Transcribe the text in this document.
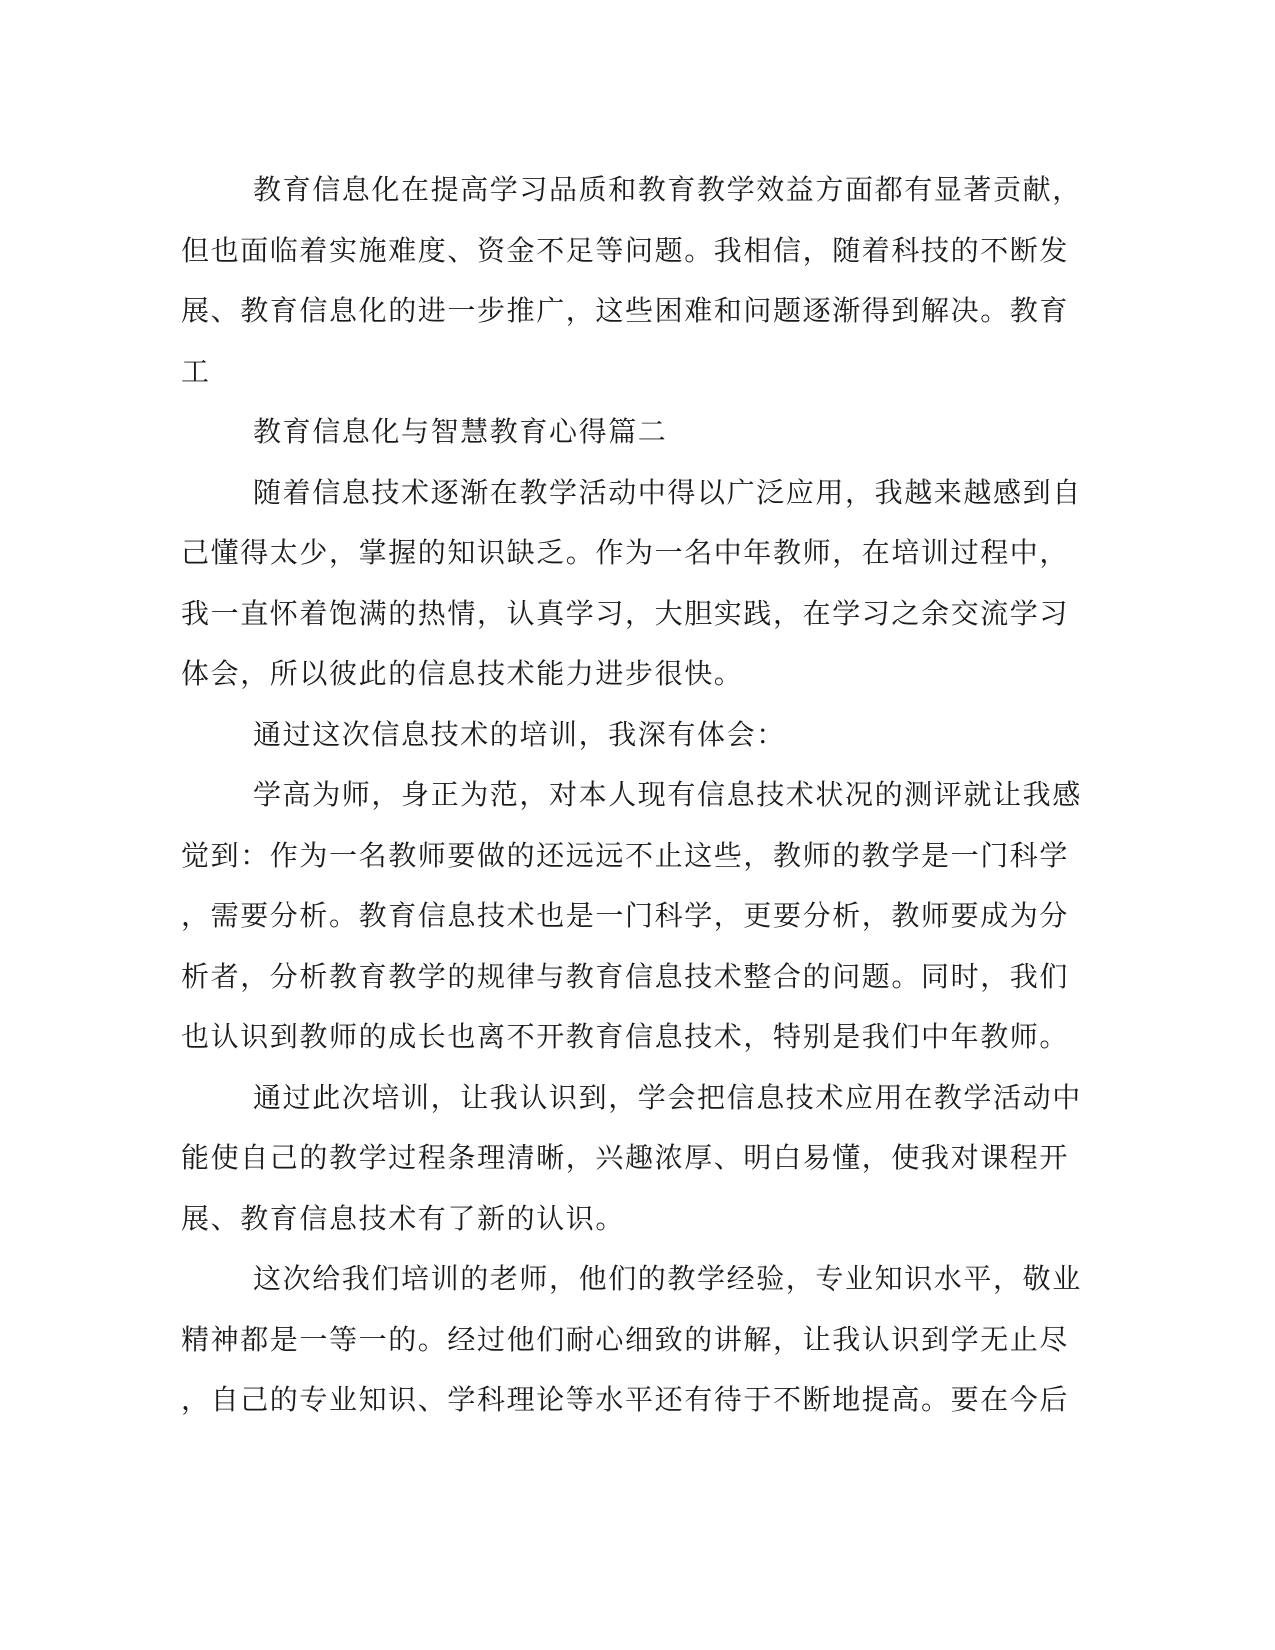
教育信息化在提高学习品质和教育教学效益方面都有显著贡献，
但也面临着实施难度、资金不足等问题。我相信，随着科技的不断发
展、教育信息化的进一步推广，这些困难和问题逐渐得到解决。教育
工
教育信息化与智慧教育心得篇二
随着信息技术逐渐在教学活动中得以广泛应用，我越来越感到自
己懂得太少，掌握的知识缺乏。作为一名中年教师，在培训过程中，
我一直怀着饱满的热情，认真学习，大胆实践，在学习之余交流学习
体会，所以彼此的信息技术能力进步很快。
通过这次信息技术的培训，我深有体会：
学高为师，身正为范，对本人现有信息技术状况的测评就让我感
觉到：作为一名教师要做的还远远不止这些，教师的教学是一门科学
，需要分析。教育信息技术也是一门科学，更要分析，教师要成为分
析者，分析教育教学的规律与教育信息技术整合的问题。同时，我们
也认识到教师的成长也离不开教育信息技术，特别是我们中年教师。
通过此次培训，让我认识到，学会把信息技术应用在教学活动中
能使自己的教学过程条理清晰，兴趣浓厚、明白易懂，使我对课程开
展、教育信息技术有了新的认识。
这次给我们培训的老师，他们的教学经验，专业知识水平，敬业
精神都是一等一的。经过他们耐心细致的讲解，让我认识到学无止尽
，自己的专业知识、学科理论等水平还有待于不断地提高。要在今后
